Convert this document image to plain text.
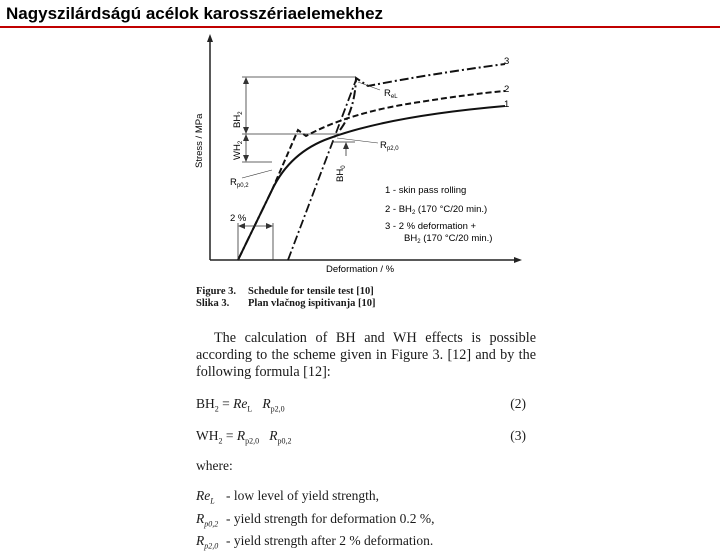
Nagyszilárdságú acélok karosszériaelemekhez
3
2
1
$R_{eL}$
$R_{p2,0}$
$R_{p0,2}$
2 %
$BH_2$
$WH_2$
$BH_0$
Stress / MPa
Deformation / %
1 - skin pass rolling
$2 - BH_2$ (170 °C/20 min.)
3 - 2 % deformation +
$BH_2$ (170 °C/20 min.)
Figure 3. Schedule for tensile test [10]
Slika 3. Plan vlačnog ispitivanja [10]
The calculation of BH and WH effects is possible according to the scheme given in Figure 3. [12] and by the following formula [12]:
$BH_2 = Re_L$ $R_{p2,0}$	(2)
$WH_2 = R_{p2,0}$ $R_{p0,2}$	(3)
where:
$Re_L$ - low level of yield strength,
$R_{p0,2}$ - yield strength for deformation 0.2 %,
$R_{p2,0}$ - yield strength after 2 % deformation.
